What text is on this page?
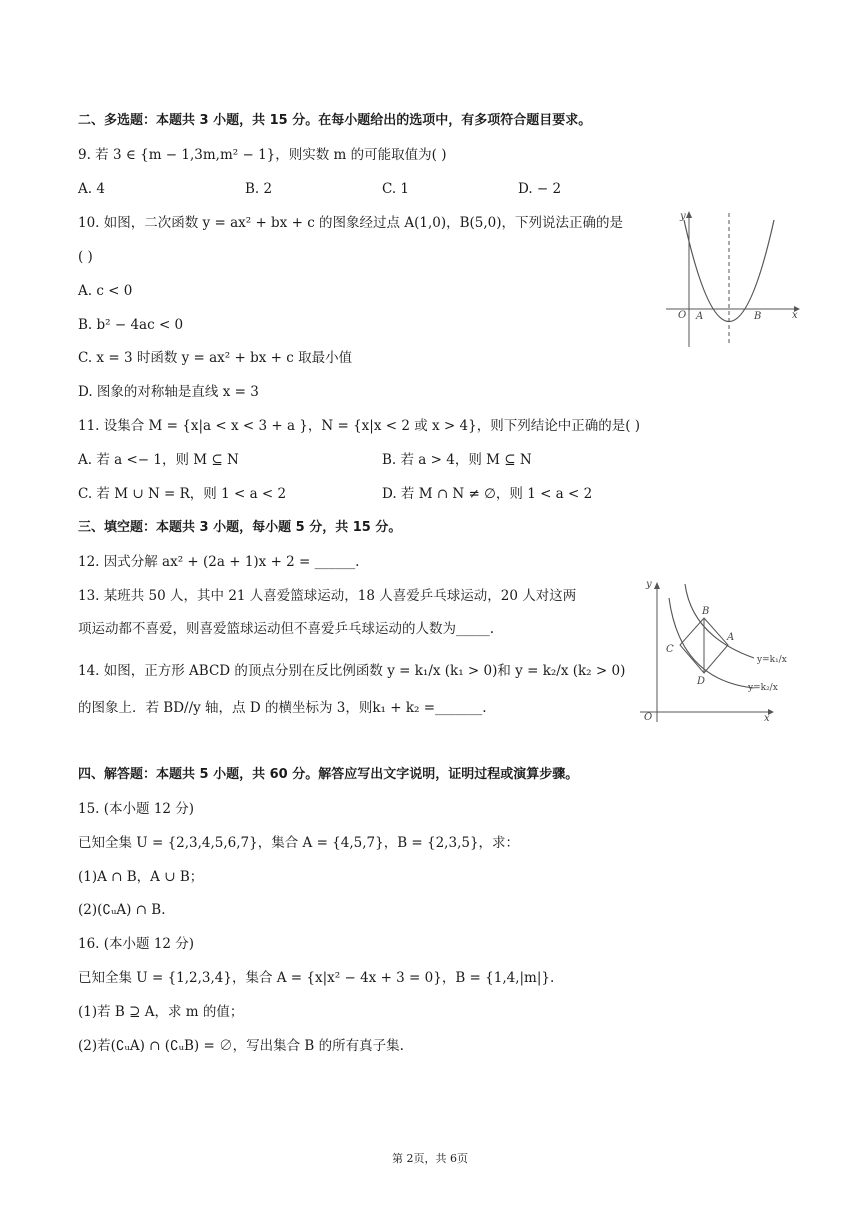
二、多选题：本题共 3 小题，共 15 分。在每小题给出的选项中，有多项符合题目要求。
9. 若 3 ∈ {m − 1,3m,m² − 1}，则实数 m 的可能取值为( )
A. 4	B. 2	C. 1	D. − 2
10. 如图，二次函数 y = ax² + bx + c 的图象经过点 A(1,0)，B(5,0)，下列说法正确的是
( )
A. c < 0
B. b² − 4ac < 0
C. x = 3 时函数 y = ax² + bx + c 取最小值
D. 图象的对称轴是直线 x = 3
y
x
O A	B
11. 设集合 M = {x|a < x < 3 + a }，N = {x|x < 2 或 x > 4}，则下列结论中正确的是( )
A. 若 a <− 1，则 M ⊆ N	B. 若 a > 4，则 M ⊆ N
C. 若 M ∪ N = R，则 1 < a < 2	D. 若 M ∩ N ≠ ∅，则 1 < a < 2
三、填空题：本题共 3 小题，每小题 5 分，共 15 分。
12. 因式分解 ax² + (2a + 1)x + 2 = ______.
13. 某班共 50 人，其中 21 人喜爱篮球运动，18 人喜爱乒乓球运动，20 人对这两
项运动都不喜爱，则喜爱篮球运动但不喜爱乒乓球运动的人数为_____.
14. 如图，正方形 ABCD 的顶点分别在反比例函数 y = k₁/x (k₁ > 0)和 y = k₂/x (k₂ > 0)
的图象上．若 BD//y 轴，点 D 的横坐标为 3，则k₁ + k₂ =_______.
y
x
O
B
A
C
D
y=k₁/x
y=k₂/x
四、解答题：本题共 5 小题，共 60 分。解答应写出文字说明，证明过程或演算步骤。
15. (本小题 12 分)
已知全集 U = {2,3,4,5,6,7}，集合 A = {4,5,7}，B = {2,3,5}，求：
(1)A ∩ B，A ∪ B；
(2)(∁ᵤA) ∩ B.
16. (本小题 12 分)
已知全集 U = {1,2,3,4}，集合 A = {x|x² − 4x + 3 = 0}，B = {1,4,|m|}.
(1)若 B ⊇ A，求 m 的值；
(2)若(∁ᵤA) ∩ (∁ᵤB) = ∅，写出集合 B 的所有真子集.
第 2页，共 6页
